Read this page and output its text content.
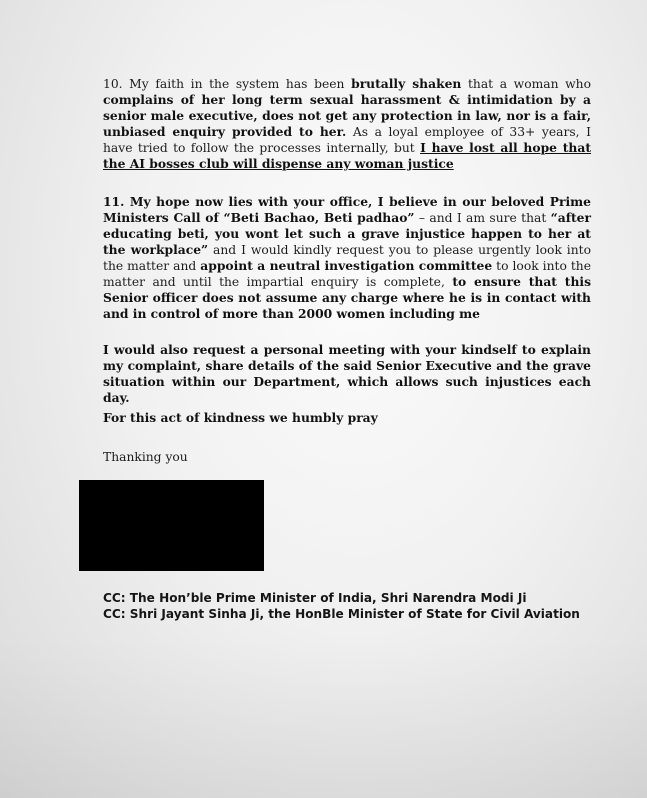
10. My faith in the system has been brutally shaken that a woman who complains of her long term sexual harassment & intimidation by a senior male executive, does not get any protection in law, nor is a fair, unbiased enquiry provided to her. As a loyal employee of 33+ years, I have tried to follow the processes internally, but I have lost all hope that the AI bosses club will dispense any woman justice

11. My hope now lies with your office, I believe in our beloved Prime Ministers Call of “Beti Bachao, Beti padhao” – and I am sure that “after educating beti, you wont let such a grave injustice happen to her at the workplace” and I would kindly request you to please urgently look into the matter and appoint a neutral investigation committee to look into the matter and until the impartial enquiry is complete, to ensure that this Senior officer does not assume any charge where he is in contact with and in control of more than 2000 women including me

I would also request a personal meeting with your kindself to explain my complaint, share details of the said Senior Executive and the grave situation within our Department, which allows such injustices each day.
For this act of kindness we humbly pray
Thanking you
CC: The Hon’ble Prime Minister of India, Shri Narendra Modi Ji
CC: Shri Jayant Sinha Ji, the HonBle Minister of State for Civil Aviation
